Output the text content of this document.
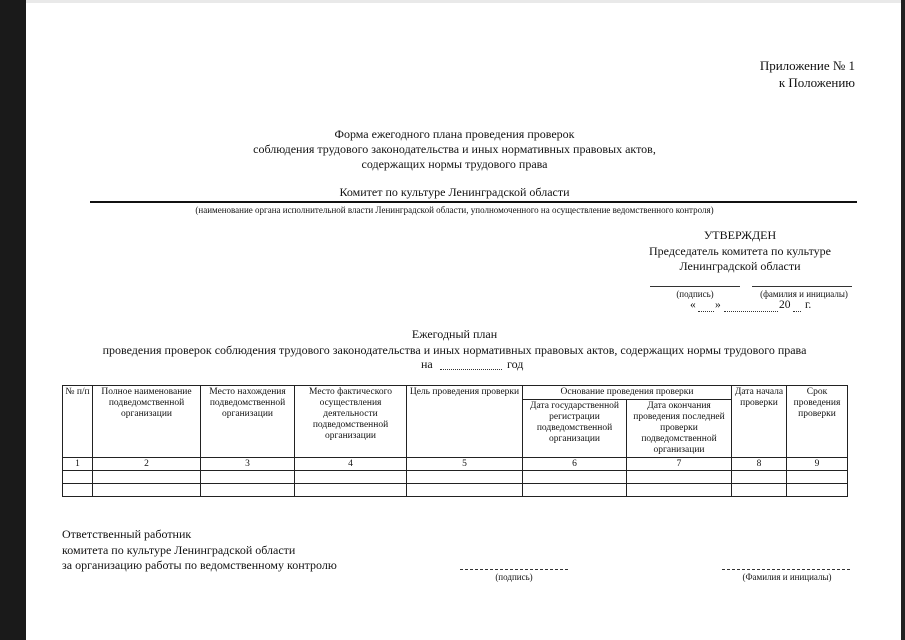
Приложение № 1
к Положению
Форма ежегодного плана проведения проверок
соблюдения трудового законодательства и иных нормативных правовых актов,
содержащих нормы трудового права
Комитет по культуре Ленинградской области
(наименование органа исполнительной власти Ленинградской области, уполномоченного на осуществление ведомственного контроля)
УТВЕРЖДЕН
Председатель комитета по культуре
Ленинградской области
(подпись)	(фамилия и инициалы)
« »	20 г.
Ежегодный план
проведения проверок соблюдения трудового законодательства и иных нормативных правовых актов, содержащих нормы трудового права
на	год
№ п/п	Полное наименование подведомственной организации	Место нахождения подведомственной организации	Место фактического осуществления деятельности подведомственной организации	Цель проведения проверки	Основание проведения проверки		Дата начала проверки	Срок проведения проверки
					Дата государственной регистрации подведомственной организации	Дата окончания проведения последней проверки подведомственной организации		
1	2	3	4	5	6	7	8	9

Ответственный работник
комитета по культуре Ленинградской области
за организацию работы по ведомственному контролю
(подпись)	(Фамилия и инициалы)
